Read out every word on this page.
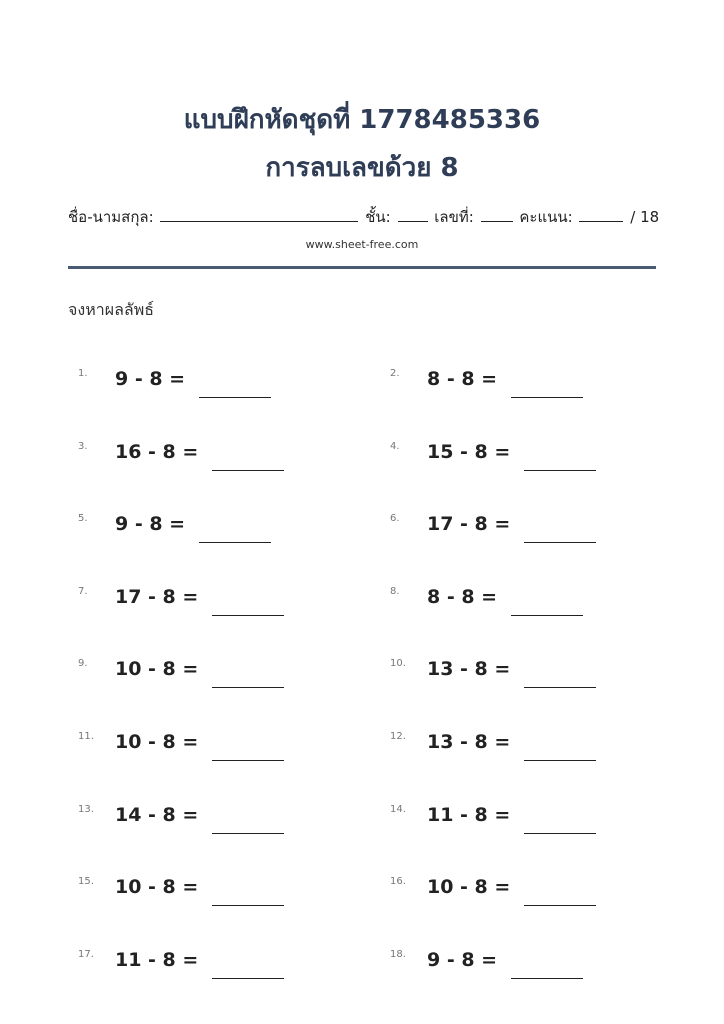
แบบฝึกหัดชุดที่ 1778485336
การลบเลขด้วย 8
ชื่อ-นามสกุล:	ชั้น:	เลขที่:	คะแนน:	/ 18
www.sheet-free.com
จงหาผลลัพธ์
1.	9 - 8 =	2.	8 - 8 =
3.	16 - 8 =	4.	15 - 8 =
5.	9 - 8 =	6.	17 - 8 =
7.	17 - 8 =	8.	8 - 8 =
9.	10 - 8 =	10.	13 - 8 =
11.	10 - 8 =	12.	13 - 8 =
13.	14 - 8 =	14.	11 - 8 =
15.	10 - 8 =	16.	10 - 8 =
17.	11 - 8 =	18.	9 - 8 =
